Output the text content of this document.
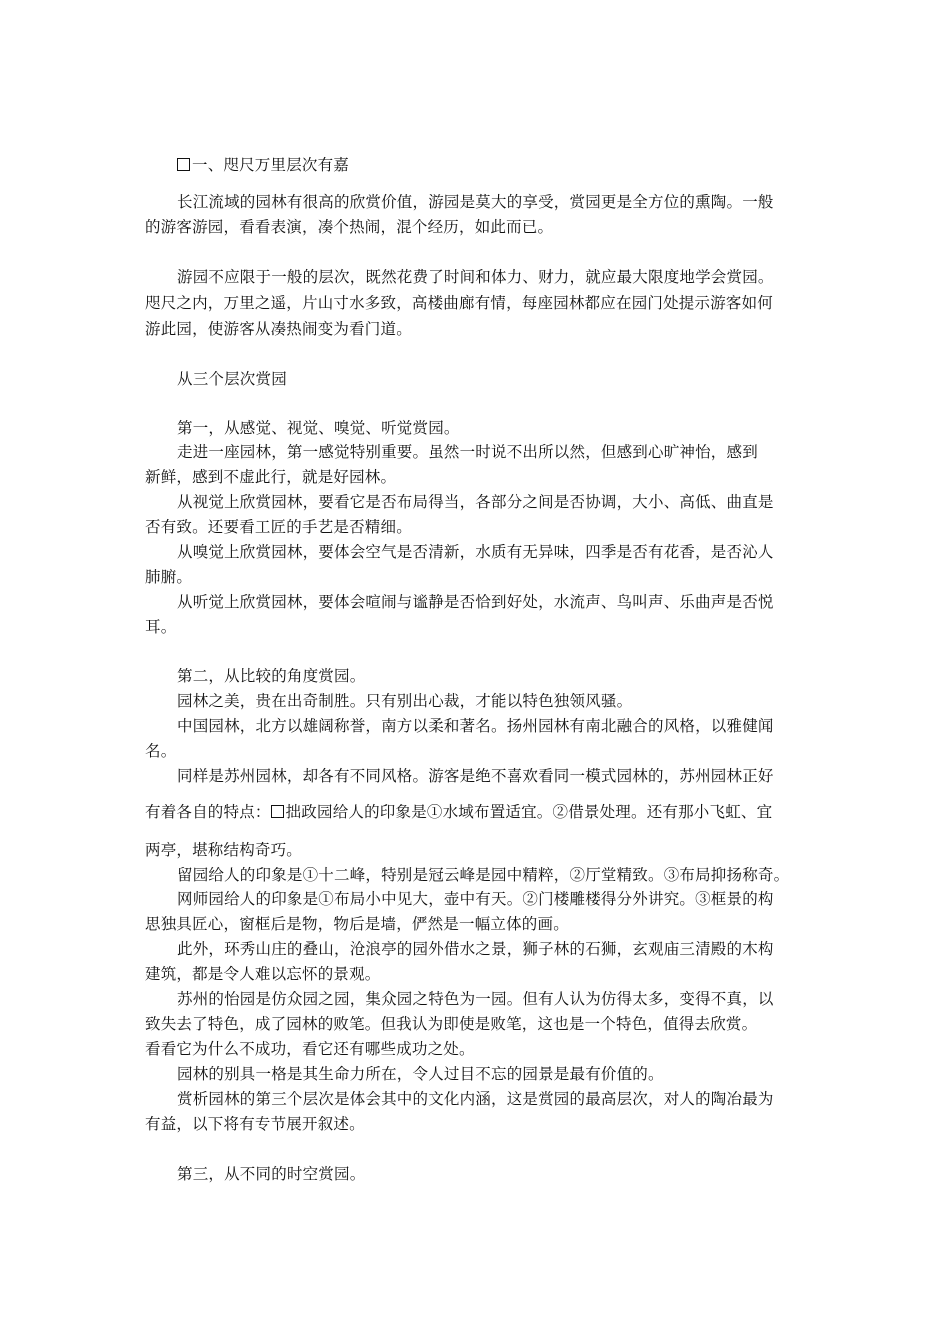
一、咫尺万里层次有嘉
长江流域的园林有很高的欣赏价值，游园是莫大的享受，赏园更是全方位的熏陶。一般
的游客游园，看看表演，凑个热闹，混个经历，如此而已。
游园不应限于一般的层次，既然花费了时间和体力、财力，就应最大限度地学会赏园。
咫尺之内，万里之遥，片山寸水多致，高楼曲廊有情，每座园林都应在园门处提示游客如何
游此园，使游客从凑热闹变为看门道。
从三个层次赏园
第一，从感觉、视觉、嗅觉、听觉赏园。
走进一座园林，第一感觉特别重要。虽然一时说不出所以然，但感到心旷神怡，感到
新鲜，感到不虚此行，就是好园林。
从视觉上欣赏园林，要看它是否布局得当，各部分之间是否协调，大小、高低、曲直是
否有致。还要看工匠的手艺是否精细。
从嗅觉上欣赏园林，要体会空气是否清新，水质有无异味，四季是否有花香，是否沁人
肺腑。
从听觉上欣赏园林，要体会喧闹与谧静是否恰到好处，水流声、鸟叫声、乐曲声是否悦
耳。
第二，从比较的角度赏园。
园林之美，贵在出奇制胜。只有别出心裁，才能以特色独领风骚。
中国园林，北方以雄阔称誉，南方以柔和著名。扬州园林有南北融合的风格，以雅健闻
名。
同样是苏州园林，却各有不同风格。游客是绝不喜欢看同一模式园林的，苏州园林正好
有着各自的特点： 拙政园给人的印象是①水域布置适宜。②借景处理。还有那小飞虹、宜
两亭，堪称结构奇巧。
留园给人的印象是①十二峰，特别是冠云峰是园中精粹，②厅堂精致。③布局抑扬称奇。
网师园给人的印象是①布局小中见大，壶中有天。②门楼雕楼得分外讲究。③框景的构
思独具匠心，窗框后是物，物后是墙，俨然是一幅立体的画。
此外，环秀山庄的叠山，沧浪亭的园外借水之景，狮子林的石狮，玄观庙三清殿的木构
建筑，都是令人难以忘怀的景观。
苏州的怡园是仿众园之园，集众园之特色为一园。但有人认为仿得太多，变得不真，以
致失去了特色，成了园林的败笔。但我认为即使是败笔，这也是一个特色，值得去欣赏。
看看它为什么不成功，看它还有哪些成功之处。
园林的别具一格是其生命力所在，令人过目不忘的园景是最有价值的。
赏析园林的第三个层次是体会其中的文化内涵，这是赏园的最高层次，对人的陶冶最为
有益，以下将有专节展开叙述。
第三，从不同的时空赏园。
